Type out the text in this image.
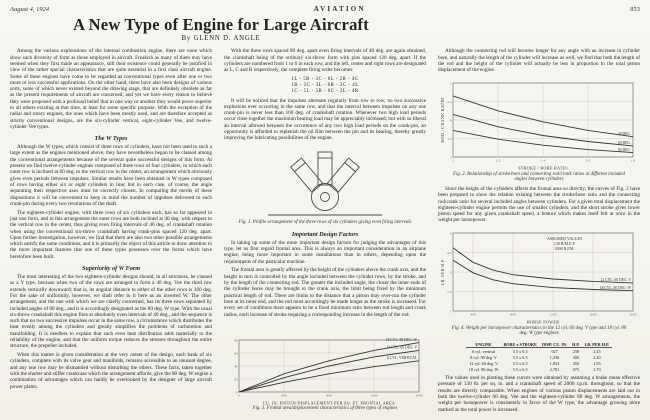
August 4, 1924	AVIATION	853
A New Type of Engine for Large Aircraft
By GLENN D. ANGLE

Among the various explorations of the internal combustion engine, there are none which show such diversity of form as those employed in aircraft. Freakish as many of them may have seemed when they first made an appearance, still their existence could generally be justified in view of the rather special characteristics that are quite essential in a first class aircraft engine. Some of these engines have come to be regarded as conventional types even after one or two more or less successful applications. On the other hand, there have also been designs of various sorts, some of which never existed beyond the drawing stage, that are definitely obsolete as far as the present requirements of aircraft are concerned, and yet we have every reason to believe they were proposed with a profound belief that in one way or another they would prove superior to all others existing at that time, at least for some specific purpose. With the exception of the radial and rotary engines, the ones which have been mostly used, and are therefore accepted as strictly conventional designs, are the six-cylinder vertical, eight-cylinder Vee, and twelve-cylinder Vee types.

The W Types

Although the W types, which consist of three rows of cylinders, have not been used to such a large extent as the engines mentioned above, they have nevertheless begun to be classed among the conventional arrangements because of the several quite successful designs of this form. At present we find twelve-cylinder engines composed of three rows of four cylinders, in which each outer row is inclined at 60 deg. to the vertical row in the center, an arrangement which obviously gives even periods between impulses. Similar results have been obtained in W types composed of rows having either six or eight cylinders in line; but in each case, of course, the angle separating their respective axes must be correctly chosen. In comparing the merits of these dispositions it will be convenient to keep in mind the number of impulses delivered to each crank-pin during every two revolutions of the shaft.

The eighteen-cylinder engine, with three rows of six cylinders each, has so far appeared in just one form, and in this arrangement the outer rows are both inclined at 40 deg. with respect to the vertical row in the center, thus giving even firing intervals of 40 deg. of crankshaft rotation when using the conventional six-throw crankshaft having crank-pins spaced 120 deg. apart. Upon further investigation, however, we find that there are also two other possible arrangements which satisfy the same conditions, and it is primarily the object of this article to draw attention to the more important features that one of these types possesses over the forms which have heretofore been built.

Superiority of W Form

The most interesting of the two eighteen-cylinder designs should, in all strictness, be classed as a Y type, because when two of the rows are arranged to form a 40 deg. Vee the third row extends vertically downward; that is, its angular distance to either of the other rows is 160 deg. For the sake of uniformity, however, we shall refer to it here as an inverted W. The other arrangement, and the one with which we are chiefly concerned, has its three rows separated by included angles of 80 deg., and it is accordingly designated as the 80 deg. W type. With the usual six-throw crankshaft this engine fires at absolutely even intervals of 40 deg., and the sequence is such that no two successive impulses occur in the same row, a circumstance which distributes the heat evenly among the cylinders and greatly simplifies the problems of carburetion and manifolding. It is needless to explain that such even heat distribution adds materially to the reliability of the engine, and that the uniform torque reduces the stresses throughout the entire structure, the propeller included.

When this matter is given consideration at the very outset of the design, each bank of six cylinders, complete with its valve gear and manifolds, remains accessible to an unusual degree, and any one row may be dismantled without disturbing the others. These facts, taken together with the shorter and stiffer crankcase which the arrangement affords, give the 80 deg. W engine a combination of advantages which can hardly be overlooked by the designer of large aircraft power plants.

With the three rows spaced 80 deg. apart even firing intervals of 40 deg. are again obtained, the crankshaft being of the ordinary six-throw form with pins spaced 120 deg. apart. If the cylinders are numbered from 1 to 6 in each row, and the left, center and right rows are designated as L, C and R respectively, the complete firing order becomes:

1L - 5R - 3C - 6L - 2R - 4C
1R - 5C - 3L - 6R - 2C - 4L
1C - 5L - 3R - 6C - 2L - 4R

It will be noticed that the impulses alternate regularly from row to row, no two successive explosions ever occurring in the same row, and that the interval between impulses on any one crank-pin is never less than 160 deg. of crankshaft rotation. Whenever two high load periods occur close together the maximum bearing load may be appreciably increased; but with so liberal an interval allowed between the occurrence of any two high load periods on the crank-pin, an opportunity is afforded to replenish the oil film between the pin and its bearing, thereby greatly improving the lubricating possibilities of the engine.

Fig. 1. Profile arrangement of the three rows of six cylinders giving even firing intervals
Important Design Factors

In taking up some of the more important design factors for judging the advantages of this type, let us first regard frontal area. This is always an important consideration in an airplane engine, being more important in some installations than in others, depending upon the requirements of the particular machine.

The frontal area is greatly affected by the height of the cylinders above the crank axis, and the height in turn is controlled by the angle included between the cylinder rows, by the stroke, and by the length of the connecting rod. The greater the included angle, the closer the inner ends of the cylinder bores may be brought to the crank axis, the limit being fixed by the minimum practical length of rod. There are limits to the distance that a piston may over-run the cylinder bore at its inner end, and the rod must accordingly be made longer as the stroke is increased. For every set of conditions there appears to be a fixed minimum ratio between rod length and crank radius, each increase of stroke requiring a corresponding increase in the length of the rod.

0	400	800	1200	1600
0
20
40
60
80	18 CYL. 80 DEG. W
12 CYL. 60 DEG. V
6 CYL. VERTICAL
CU. IN. PISTON DISPLACEMENT PER SQ. FT. FRONTAL AREA
Fig. 3. Frontal area/displacement characteristics of three types of engines

Although the connecting rod will become longer for any angle with an increase in cylinder bore, and naturally the length of the cylinder will increase as well, we find that both the length of the rod and the height of the cylinder will actually be less in proportion to the total piston displacement of the engine.

1	1.2	1.4	1.6	1.8
3
3.5
4
4.5
5
40 DEG.
60 DEG.
80 DEG.
STROKE / BORE RATIO
ROD / CRANK RATIO
Fig. 2. Relationship of stroke/bore and connecting rod/crank ratios at different included angles between cylinders

Since the height of the cylinders affects the frontal area so directly, the curves of Fig. 2 have been prepared to show the relation existing between the stroke/bore ratio and the connecting rod/crank ratio for several included angles between cylinders. For a given total displacement the eighteen-cylinder engine permits the use of smaller cylinders, and the short stroke gives lower piston speed for any given crankshaft speed, a feature which makes itself felt at once in the weight per horsepower.

400	800	1200	1600	2000
1
1.5
2
2.5
3
12 CYL. 60 DEG. V
18 CYL. 80 DEG. W
HORSE POWER
LB. PER H.P.
ASSUMED VALUES
130 B.M.E.P.
2000 R.P.M.
Fig. 4. Weight per horsepower characteristics in the 12 cyl. 60 deg. V type and 18 cyl. 80 deg. W type engines
ENGINE	BORE x STROKE	DISP. CU. IN.	H.P.	LB. PER H.P.
6 cyl. vertical	5.5 x 6.5	927	230	2.45
8 cyl. 90 deg. V	5.5 x 6.5	1,236	300	2.20
12 cyl. 60 deg. V	5.5 x 6.5	1,854	450	1.95
18 cyl. 80 deg. W	5.5 x 6.5	2,781	675	1.70

The values used in plotting these curves were obtained by assuming a brake mean effective pressure of 130 lb. per sq. in. and a crankshaft speed of 2000 r.p.m. throughout, so that the results are directly comparable. When engines of various piston displacements are laid out in both the twelve-cylinder 60 deg. Vee and the eighteen-cylinder 80 deg. W arrangements, the weight per horsepower is consistently in favor of the W type, the advantage growing more marked as the total power is increased.
